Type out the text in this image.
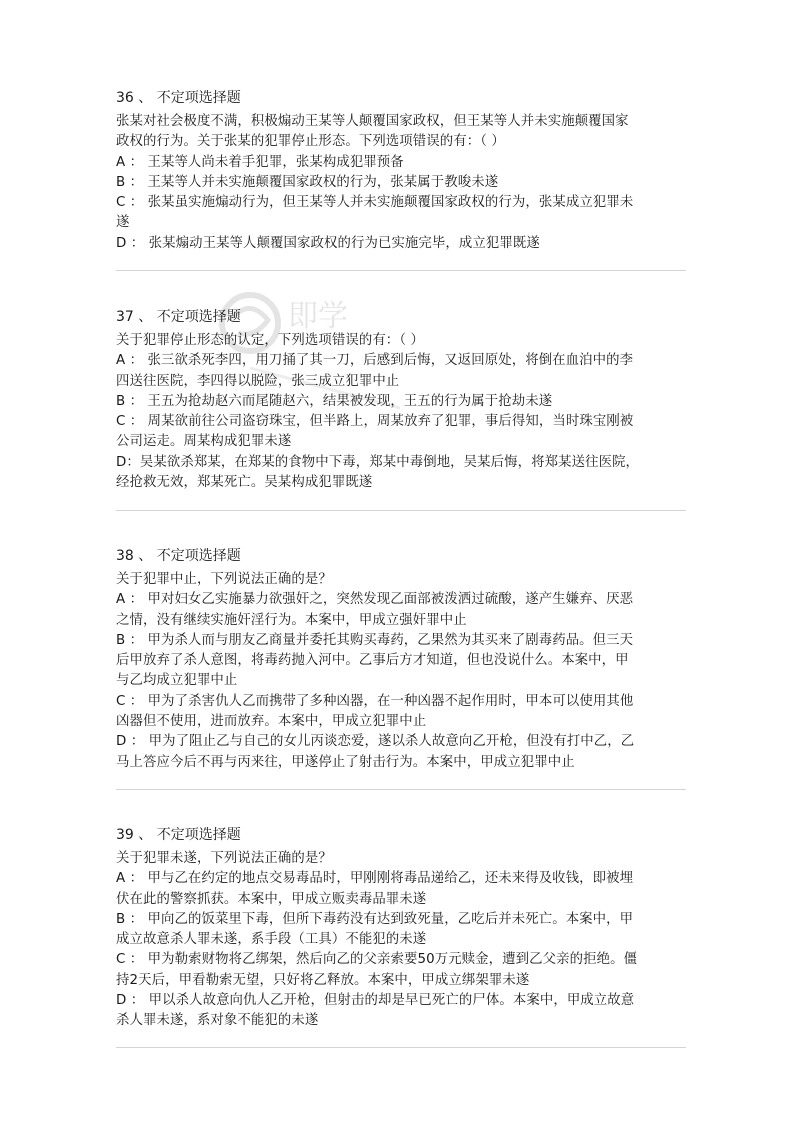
即学
36 、 不定项选择题
张某对社会极度不满，积极煽动王某等人颠覆国家政权，但王某等人并未实施颠覆国家
政权的行为。关于张某的犯罪停止形态。下列选项错误的有：（ ）
A ： 王某等人尚未着手犯罪，张某构成犯罪预备
B ： 王某等人并未实施颠覆国家政权的行为，张某属于教唆未遂
C ： 张某虽实施煽动行为，但王某等人并未实施颠覆国家政权的行为，张某成立犯罪未
遂
D ： 张某煽动王某等人颠覆国家政权的行为已实施完毕，成立犯罪既遂
37 、 不定项选择题
关于犯罪停止形态的认定，下列选项错误的有：（ ）
A ： 张三欲杀死李四，用刀捅了其一刀，后感到后悔，又返回原处，将倒在血泊中的李
四送往医院，李四得以脱险，张三成立犯罪中止
B ： 王五为抢劫赵六而尾随赵六，结果被发现，王五的行为属于抢劫未遂
C ： 周某欲前往公司盗窃珠宝，但半路上，周某放弃了犯罪，事后得知，当时珠宝刚被
公司运走。周某构成犯罪未遂
D：吴某欲杀郑某，在郑某的食物中下毒，郑某中毒倒地，吴某后悔，将郑某送往医院，
经抢救无效，郑某死亡。吴某构成犯罪既遂
38 、 不定项选择题
关于犯罪中止，下列说法正确的是？
A ： 甲对妇女乙实施暴力欲强奸之，突然发现乙面部被泼洒过硫酸，遂产生嫌弃、厌恶
之情，没有继续实施奸淫行为。本案中，甲成立强奸罪中止
B ： 甲为杀人而与朋友乙商量并委托其购买毒药，乙果然为其买来了剧毒药品。但三天
后甲放弃了杀人意图，将毒药抛入河中。乙事后方才知道，但也没说什么。本案中，甲
与乙均成立犯罪中止
C ： 甲为了杀害仇人乙而携带了多种凶器，在一种凶器不起作用时，甲本可以使用其他
凶器但不使用，进而放弃。本案中，甲成立犯罪中止
D ： 甲为了阻止乙与自己的女儿丙谈恋爱，遂以杀人故意向乙开枪，但没有打中乙，乙
马上答应今后不再与丙来往，甲遂停止了射击行为。本案中，甲成立犯罪中止
39 、 不定项选择题
关于犯罪未遂，下列说法正确的是？
A ： 甲与乙在约定的地点交易毒品时，甲刚刚将毒品递给乙，还未来得及收钱，即被埋
伏在此的警察抓获。本案中，甲成立贩卖毒品罪未遂
B ： 甲向乙的饭菜里下毒，但所下毒药没有达到致死量，乙吃后并未死亡。本案中，甲
成立故意杀人罪未遂，系手段（工具）不能犯的未遂
C ： 甲为勒索财物将乙绑架，然后向乙的父亲索要50万元赎金，遭到乙父亲的拒绝。僵
持2天后，甲看勒索无望，只好将乙释放。本案中，甲成立绑架罪未遂
D ： 甲以杀人故意向仇人乙开枪，但射击的却是早已死亡的尸体。本案中，甲成立故意
杀人罪未遂，系对象不能犯的未遂
